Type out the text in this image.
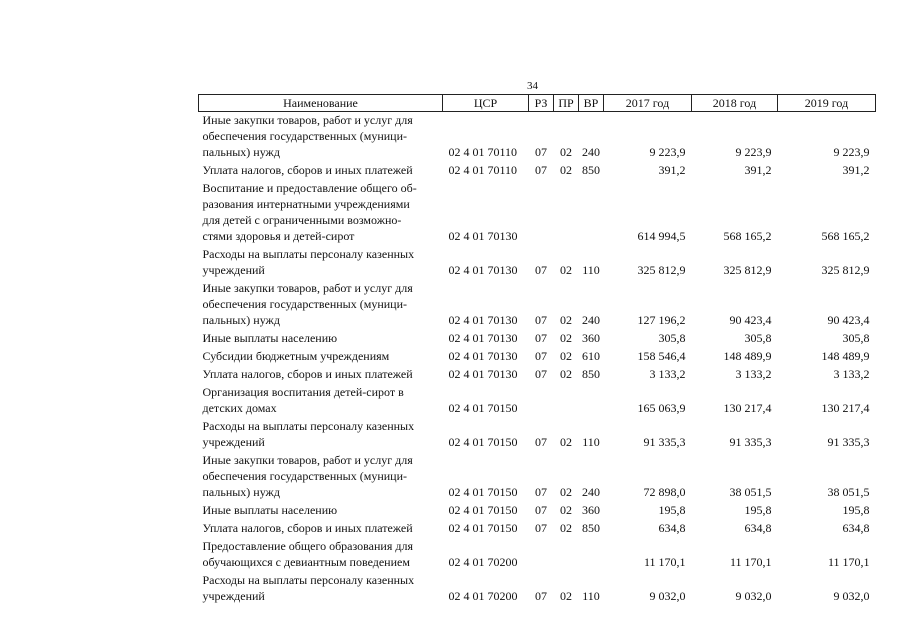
34
Наименование	ЦСР	РЗ	ПР	ВР	2017 год	2018 год	2019 год

Иные закупки товаров, работ и услуг для
обеспечения государственных (муници-
пальных) нужд	02 4 01 70110	07	02	240	9 223,9	9 223,9	9 223,9

Уплата налогов, сборов и иных платежей	02 4 01 70110	07	02	850	391,2	391,2	391,2

Воспитание и предоставление общего об-
разования интернатными учреждениями
для детей с ограниченными возможно-
стями здоровья и детей-сирот	02 4 01 70130				614 994,5	568 165,2	568 165,2

Расходы на выплаты персоналу казенных
учреждений	02 4 01 70130	07	02	110	325 812,9	325 812,9	325 812,9

Иные закупки товаров, работ и услуг для
обеспечения государственных (муници-
пальных) нужд	02 4 01 70130	07	02	240	127 196,2	90 423,4	90 423,4

Иные выплаты населению	02 4 01 70130	07	02	360	305,8	305,8	305,8

Субсидии бюджетным учреждениям	02 4 01 70130	07	02	610	158 546,4	148 489,9	148 489,9

Уплата налогов, сборов и иных платежей	02 4 01 70130	07	02	850	3 133,2	3 133,2	3 133,2

Организация воспитания детей-сирот в
детских домах	02 4 01 70150				165 063,9	130 217,4	130 217,4

Расходы на выплаты персоналу казенных
учреждений	02 4 01 70150	07	02	110	91 335,3	91 335,3	91 335,3

Иные закупки товаров, работ и услуг для
обеспечения государственных (муници-
пальных) нужд	02 4 01 70150	07	02	240	72 898,0	38 051,5	38 051,5

Иные выплаты населению	02 4 01 70150	07	02	360	195,8	195,8	195,8

Уплата налогов, сборов и иных платежей	02 4 01 70150	07	02	850	634,8	634,8	634,8

Предоставление общего образования для
обучающихся с девиантным поведением	02 4 01 70200				11 170,1	11 170,1	11 170,1

Расходы на выплаты персоналу казенных
учреждений	02 4 01 70200	07	02	110	9 032,0	9 032,0	9 032,0
